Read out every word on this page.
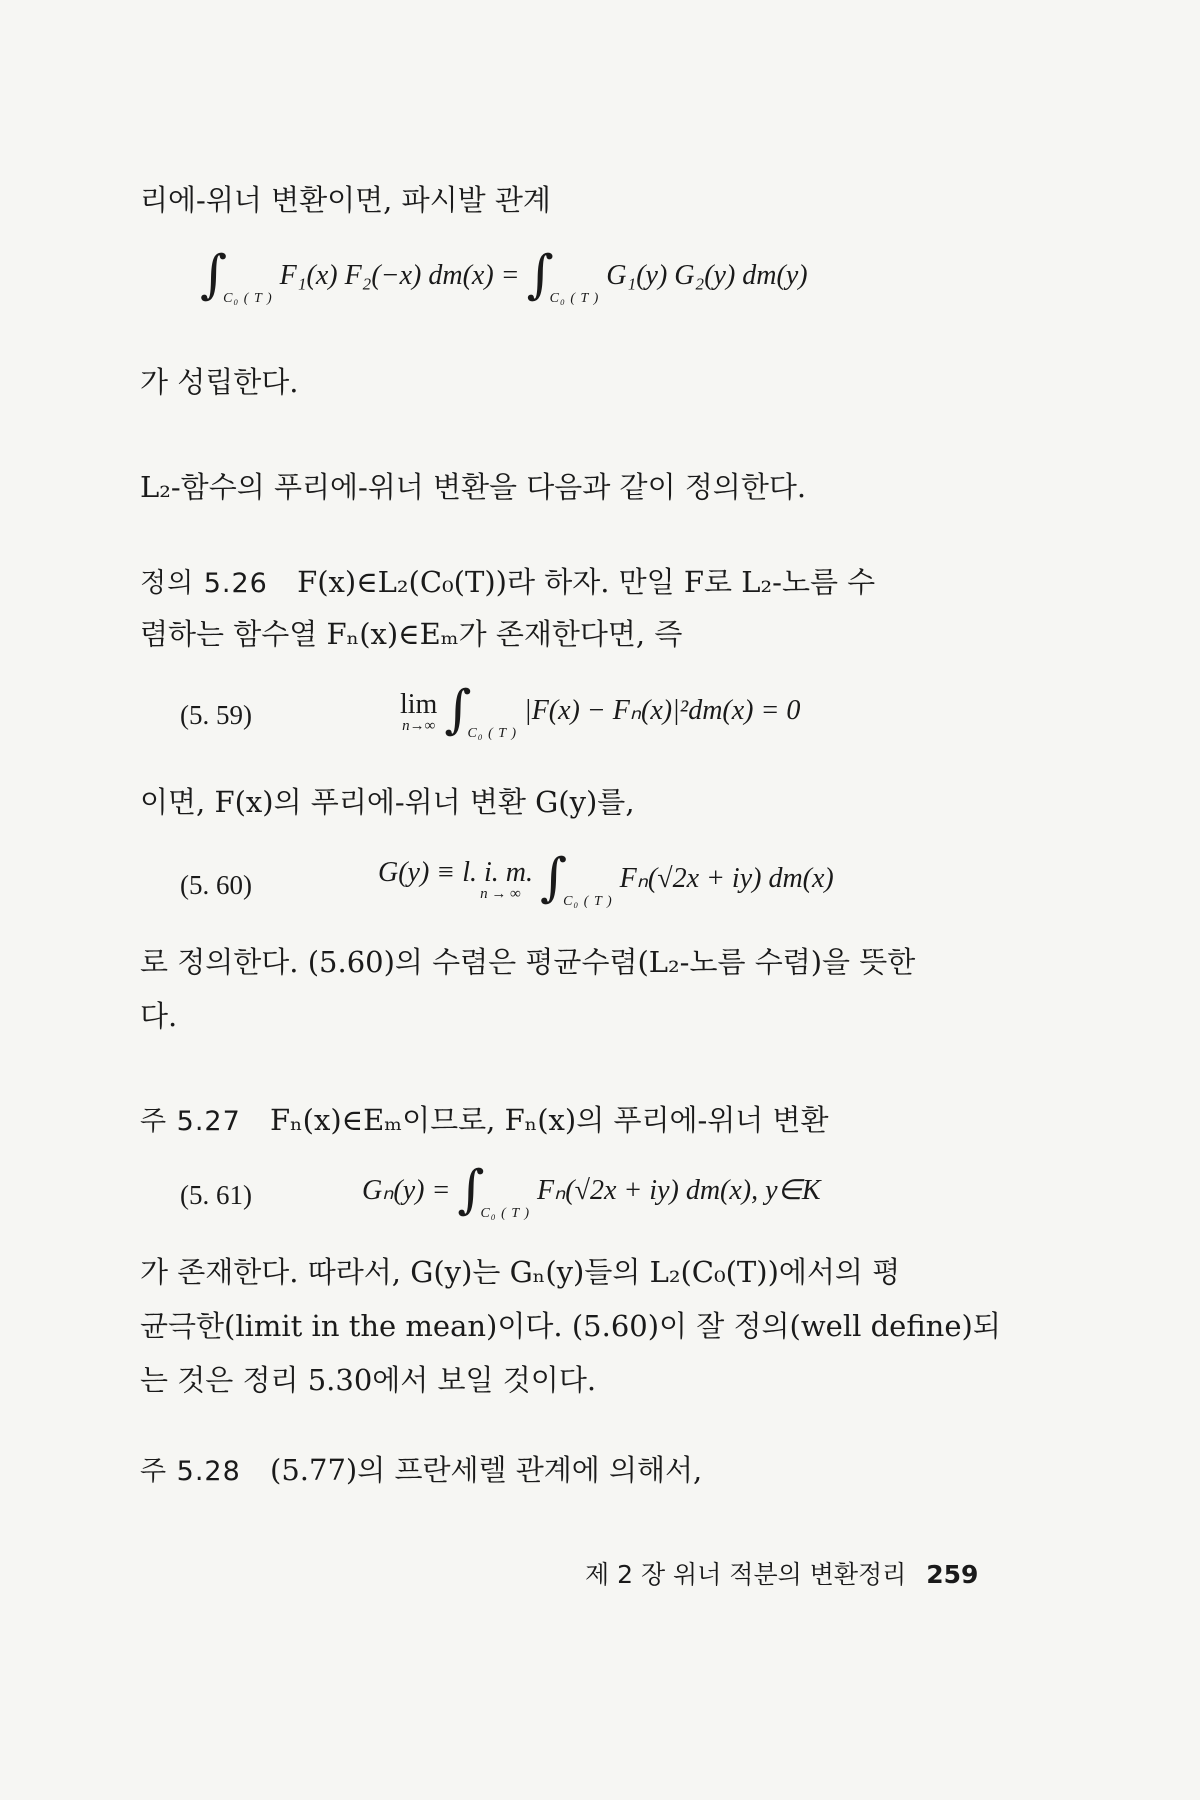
리에-위너 변환이면, 파시발 관계
$\int_{C_0 ( T )}$ F₁(x) F₂(−x) $dm(x) = \int_{C_0 ( T )}$ G₁(y) G₂(y) dm(y)
가 성립한다.
L₂-함수의 푸리에-위너 변환을 다음과 같이 정의한다.
정의 5.26 F(x)∈L₂(C₀(T))라 하자. 만일 F로 L₂-노름 수
렴하는 함수열 Fₙ(x)∈Eₘ가 존재한다면, 즉
(5. 59)	lim
n→∞ $\int_{C_0 ( T )}$ |F(x) − Fₙ(x)|²dm(x) = 0
이면, F(x)의 푸리에-위너 변환 G(y)를,
(5. 60)	G(y) ≡ l. i. m.
n → ∞ $\int_{C_0 ( T )}$ Fₙ(√2x + iy) dm(x)
로 정의한다. (5.60)의 수렴은 평균수렴(L₂-노름 수렴)을 뜻한
다.
주 5.27 Fₙ(x)∈Eₘ이므로, Fₙ(x)의 푸리에-위너 변환
(5. 61)	$G_n(y) = \int_{C_0 ( T )}$ Fₙ(√2x + iy) dm(x), y∈K
가 존재한다. 따라서, G(y)는 Gₙ(y)들의 L₂(C₀(T))에서의 평
균극한(limit in the mean)이다. (5.60)이 잘 정의(well define)되
는 것은 정리 5.30에서 보일 것이다.
주 5.28 (5.77)의 프란세렐 관계에 의해서,
제 2 장 위너 적분의 변환정리 259
